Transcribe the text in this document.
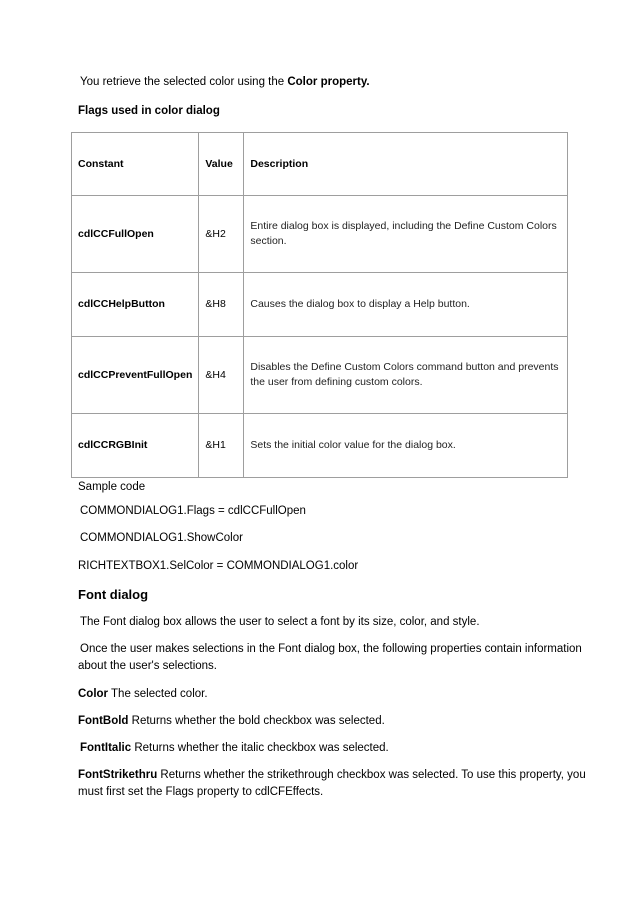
You retrieve the selected color using the Color property.

Flags used in color dialog

Constant	Value	Description
cdlCCFullOpen	&H2	Entire dialog box is displayed, including the Define Custom Colors section.
cdlCCHelpButton	&H8	Causes the dialog box to display a Help button.
cdlCCPreventFullOpen	&H4	Disables the Define Custom Colors command button and prevents the user from defining custom colors.
cdlCCRGBInit	&H1	Sets the initial color value for the dialog box.

Sample code

COMMONDIALOG1.Flags = cdlCCFullOpen

COMMONDIALOG1.ShowColor

RICHTEXTBOX1.SelColor = COMMONDIALOG1.color

Font dialog

The Font dialog box allows the user to select a font by its size, color, and style.

Once the user makes selections in the Font dialog box, the following properties contain information

about the user's selections.

Color The selected color.

FontBold Returns whether the bold checkbox was selected.

FontItalic Returns whether the italic checkbox was selected.

FontStrikethru Returns whether the strikethrough checkbox was selected. To use this property, you

must first set the Flags property to cdlCFEffects.
